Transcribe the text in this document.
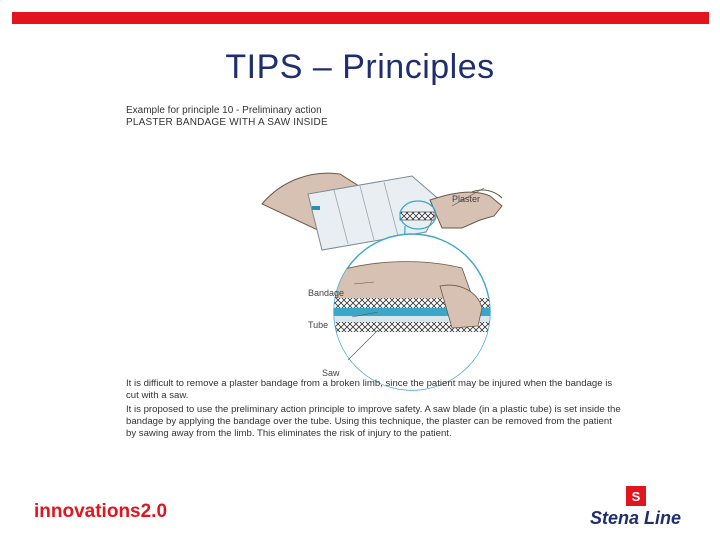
TIPS – Principles
Example for principle 10 - Preliminary action
PLASTER BANDAGE WITH A SAW INSIDE
Plaster
Bandage
Tube
Saw
It is difficult to remove a plaster bandage from a broken limb, since the patient may be injured when the bandage is cut with a saw.
It is proposed to use the preliminary action principle to improve safety. A saw blade (in a plastic tube) is set inside the bandage by applying the bandage over the tube. Using this technique, the plaster can be removed from the patient by sawing away from the limb. This eliminates the risk of injury to the patient.
innovations2.0
S
Stena Line
